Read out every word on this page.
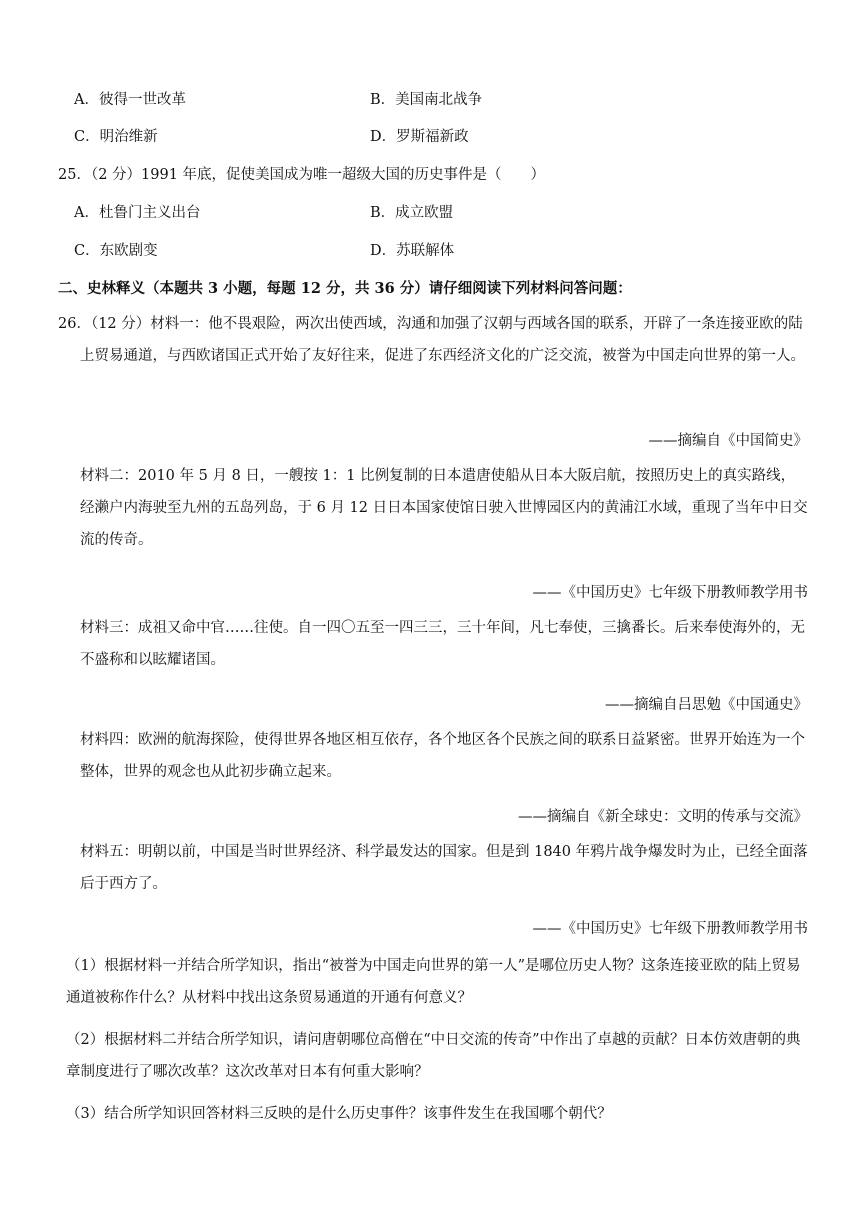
A．彼得一世改革	B．美国南北战争
C．明治维新	D．罗斯福新政
25．（2 分）1991 年底，促使美国成为唯一超级大国的历史事件是（　　）
A．杜鲁门主义出台	B．成立欧盟
C．东欧剧变	D．苏联解体
二、史林释义（本题共 3 小题，每题 12 分，共 36 分）请仔细阅读下列材料问答问题：
26．（12 分）材料一：他不畏艰险，两次出使西域，沟通和加强了汉朝与西域各国的联系，开辟了一条连接亚欧的陆上贸易通道，与西欧诸国正式开始了友好往来，促进了东西经济文化的广泛交流，被誉为中国走向世界的第一人。
——摘编自《中国简史》
材料二：2010 年 5 月 8 日，一艘按 1：1 比例复制的日本遣唐使船从日本大阪启航，按照历史上的真实路线，经濑户内海驶至九州的五岛列岛，于 6 月 12 日日本国家使馆日驶入世博园区内的黄浦江水域，重现了当年中日交流的传奇。
——《中国历史》七年级下册教师教学用书
材料三：成祖又命中官……往使。自一四〇五至一四三三，三十年间，凡七奉使，三擒番长。后来奉使海外的，无不盛称和以眩耀诸国。
——摘编自吕思勉《中国通史》
材料四：欧洲的航海探险，使得世界各地区相互依存，各个地区各个民族之间的联系日益紧密。世界开始连为一个整体，世界的观念也从此初步确立起来。
——摘编自《新全球史：文明的传承与交流》
材料五：明朝以前，中国是当时世界经济、科学最发达的国家。但是到 1840 年鸦片战争爆发时为止，已经全面落后于西方了。
——《中国历史》七年级下册教师教学用书
（1）根据材料一并结合所学知识，指出“被誉为中国走向世界的第一人”是哪位历史人物？这条连接亚欧的陆上贸易通道被称作什么？从材料中找出这条贸易通道的开通有何意义？
（2）根据材料二并结合所学知识，请问唐朝哪位高僧在“中日交流的传奇”中作出了卓越的贡献？日本仿效唐朝的典章制度进行了哪次改革？这次改革对日本有何重大影响？
（3）结合所学知识回答材料三反映的是什么历史事件？该事件发生在我国哪个朝代？
